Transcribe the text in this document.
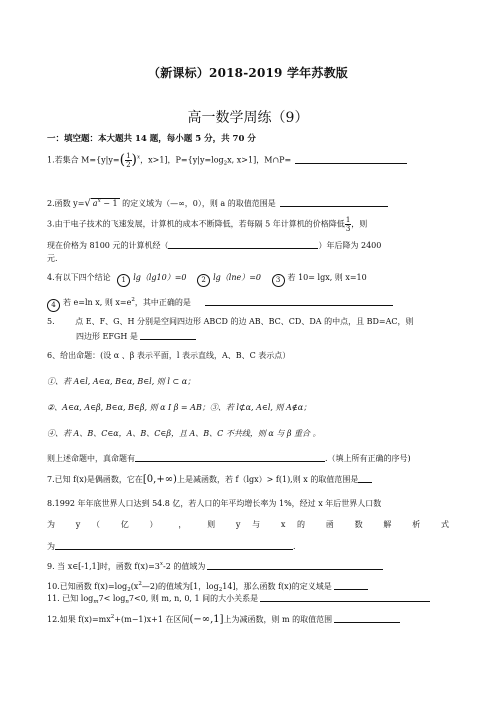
（新课标）2018-2019 学年苏教版
高一数学周练（9）
一：填空题：本大题共 14 题，每小题 5 分，共 70 分
1.若集合 $M=\{y|y=( \frac{1}{2} )^x$，x>1]，$P=\{y|y=\log_2x$, x>1]，M∩P=
2.函数 y=√ $a^x - 1$ 的定义域为（—∞，0），则 a 的取值范围是
3.由于电子技术的飞速发展，计算机的成本不断降低，若每隔 5 年计算机的价格降低 $\frac{1}{3}$ ，则
现在价格为 8100 元的计算机经（	）年后降为 2400
元.
4.有以下四个结论 1 lg（lg10）=0 2 lg（lne）=0 3 若 10= lgx, 则 x=10
4 若 e=ln x, 则 $x=e^2$，其中正确的是
5.	点 E、F、G、H 分别是空间四边形 ABCD 的边 AB、BC、CD、DA 的中点，且 BD=AC，则
四边形 EFGH 是
6、给出命题：(设 α 、β 表示平面，l 表示直线，A、B、C 表示点）
①、若 A∈l, A∈α, B∈α, B∈l, 则 l ⊂ α；
②、A∈α, A∈β, B∈α, B∈β, 则 α I β = AB；③、若 l⊄α, A∈l, 则 A∉α；
④、若 A、B、C∈α，A、B、C∈β，且 A、B、C 不共线，则 α 与 β 重合 。
则上述命题中，真命题有	.（填上所有正确的序号)
7.已知 f(x)是偶函数，它在[0,+∞)上是减函数，若 f（lgx）> f(1),则 x 的取值范围是
8.1992 年年底世界人口达到 54.8 亿，若人口的年平均增长率为 1%，经过 x 年后世界人口数
为 y （ 亿 ） ， 则 y 与 x 的 函 数 解 析 式
为	.
9. 当 x∈[-1,1]时，函数 $f(x)=3^x-2$ 的值域为
10.已知函数 $f(x)=\log_2(x^2—2)$的值域为[1，$\log_214$]，那么函数 f(x)的定义域是
11. 已知 $\log_m7< \log_n7<0$, 则 m, n, 0, 1 间的大小关系是
12.如果 $f(x)=mx^2+(m-1)x+1$ 在区间(−∞,1]上为减函数，则 m 的取值范围
